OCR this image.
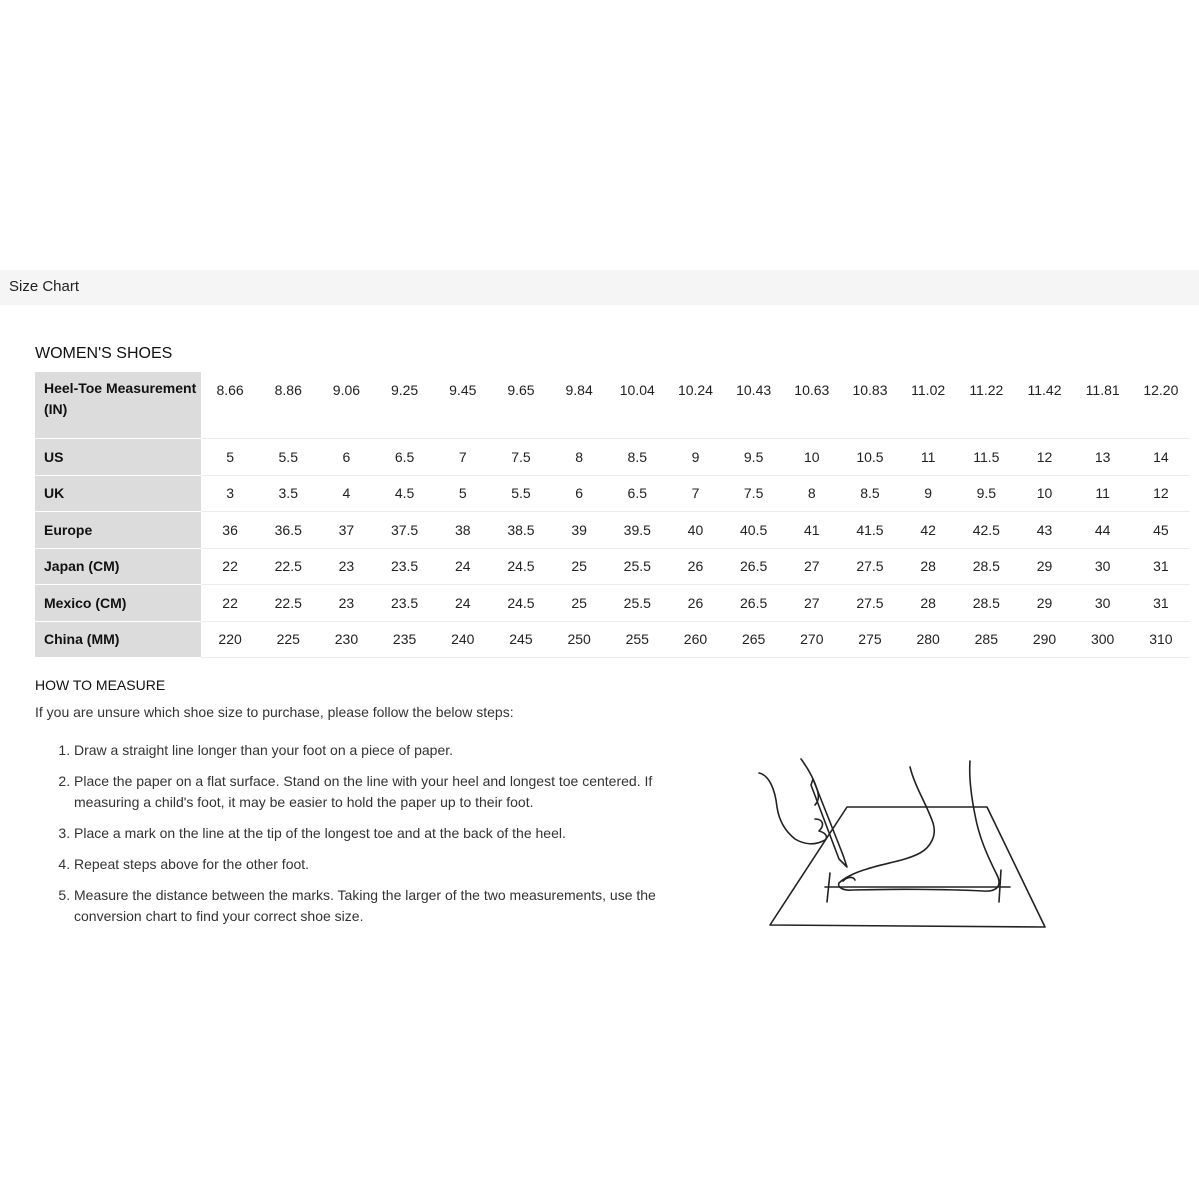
Size Chart
WOMEN'S SHOES
Heel-Toe Measurement (IN)	8.66	8.86	9.06	9.25	9.45	9.65	9.84	10.04	10.24	10.43	10.63	10.83	11.02	11.22	11.42	11.81	12.20
US	5	5.5	6	6.5	7	7.5	8	8.5	9	9.5	10	10.5	11	11.5	12	13	14
UK	3	3.5	4	4.5	5	5.5	6	6.5	7	7.5	8	8.5	9	9.5	10	11	12
Europe	36	36.5	37	37.5	38	38.5	39	39.5	40	40.5	41	41.5	42	42.5	43	44	45
Japan (CM)	22	22.5	23	23.5	24	24.5	25	25.5	26	26.5	27	27.5	28	28.5	29	30	31
Mexico (CM)	22	22.5	23	23.5	24	24.5	25	25.5	26	26.5	27	27.5	28	28.5	29	30	31
China (MM)	220	225	230	235	240	245	250	255	260	265	270	275	280	285	290	300	310
HOW TO MEASURE
If you are unsure which shoe size to purchase, please follow the below steps:
1. Draw a straight line longer than your foot on a piece of paper.
2. Place the paper on a flat surface. Stand on the line with your heel and longest toe centered. If measuring a child's foot, it may be easier to hold the paper up to their foot.
3. Place a mark on the line at the tip of the longest toe and at the back of the heel.
4. Repeat steps above for the other foot.
5. Measure the distance between the marks. Taking the larger of the two measurements, use the conversion chart to find your correct shoe size.
